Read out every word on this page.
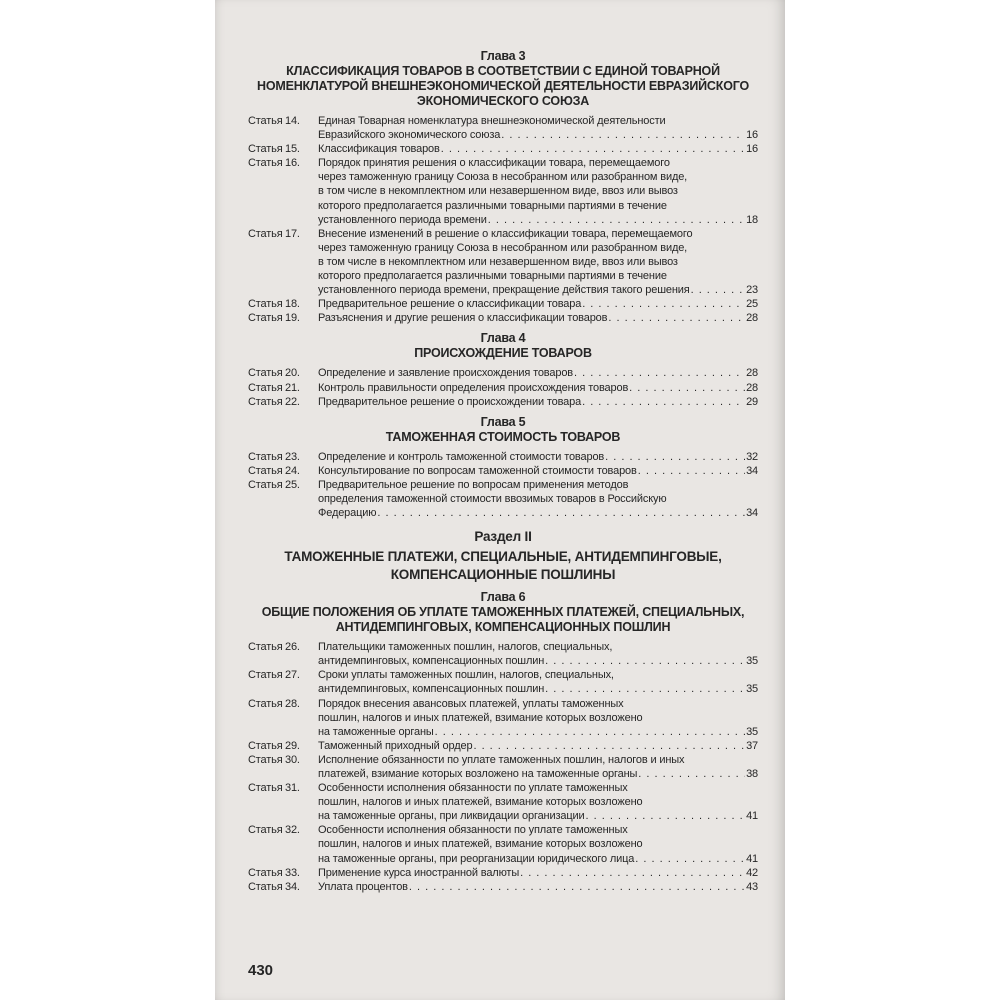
Глава 3
КЛАССИФИКАЦИЯ ТОВАРОВ В СООТВЕТСТВИИ С ЕДИНОЙ ТОВАРНОЙ
НОМЕНКЛАТУРОЙ ВНЕШНЕЭКОНОМИЧЕСКОЙ ДЕЯТЕЛЬНОСТИ ЕВРАЗИЙСКОГО
ЭКОНОМИЧЕСКОГО СОЮЗА
Статья 14.	Единая Товарная номенклатура внешнеэкономической деятельности
Евразийского экономического союза . . .	16
Статья 15.	Классификация товаров . . .	16
Статья 16.	Порядок принятия решения о классификации товара, перемещаемого
через таможенную границу Союза в несобранном или разобранном виде,
в том числе в некомплектном или незавершенном виде, ввоз или вывоз
которого предполагается различными товарными партиями в течение
установленного периода времени . . .	18
Статья 17.	Внесение изменений в решение о классификации товара, перемещаемого
через таможенную границу Союза в несобранном или разобранном виде,
в том числе в некомплектном или незавершенном виде, ввоз или вывоз
которого предполагается различными товарными партиями в течение
установленного периода времени, прекращение действия такого решения . . .	23
Статья 18.	Предварительное решение о классификации товара . . .	25
Статья 19.	Разъяснения и другие решения о классификации товаров . . .	28
Глава 4
ПРОИСХОЖДЕНИЕ ТОВАРОВ
Статья 20.	Определение и заявление происхождения товаров . . .	28
Статья 21.	Контроль правильности определения происхождения товаров . . .	28
Статья 22.	Предварительное решение о происхождении товара . . .	29
Глава 5
ТАМОЖЕННАЯ СТОИМОСТЬ ТОВАРОВ
Статья 23.	Определение и контроль таможенной стоимости товаров . . .	32
Статья 24.	Консультирование по вопросам таможенной стоимости товаров . . .	34
Статья 25.	Предварительное решение по вопросам применения методов
определения таможенной стоимости ввозимых товаров в Российскую
Федерацию . . .	34
Раздел II
ТАМОЖЕННЫЕ ПЛАТЕЖИ, СПЕЦИАЛЬНЫЕ, АНТИДЕМПИНГОВЫЕ,
КОМПЕНСАЦИОННЫЕ ПОШЛИНЫ
Глава 6
ОБЩИЕ ПОЛОЖЕНИЯ ОБ УПЛАТЕ ТАМОЖЕННЫХ ПЛАТЕЖЕЙ, СПЕЦИАЛЬНЫХ,
АНТИДЕМПИНГОВЫХ, КОМПЕНСАЦИОННЫХ ПОШЛИН
Статья 26.	Плательщики таможенных пошлин, налогов, специальных,
антидемпинговых, компенсационных пошлин . . .	35
Статья 27.	Сроки уплаты таможенных пошлин, налогов, специальных,
антидемпинговых, компенсационных пошлин . . .	35
Статья 28.	Порядок внесения авансовых платежей, уплаты таможенных
пошлин, налогов и иных платежей, взимание которых возложено
на таможенные органы . . .	35
Статья 29.	Таможенный приходный ордер . . .	37
Статья 30.	Исполнение обязанности по уплате таможенных пошлин, налогов и иных
платежей, взимание которых возложено на таможенные органы . . .	38
Статья 31.	Особенности исполнения обязанности по уплате таможенных
пошлин, налогов и иных платежей, взимание которых возложено
на таможенные органы, при ликвидации организации . . .	41
Статья 32.	Особенности исполнения обязанности по уплате таможенных
пошлин, налогов и иных платежей, взимание которых возложено
на таможенные органы, при реорганизации юридического лица . . .	41
Статья 33.	Применение курса иностранной валюты . . .	42
Статья 34.	Уплата процентов . . .	43
430
